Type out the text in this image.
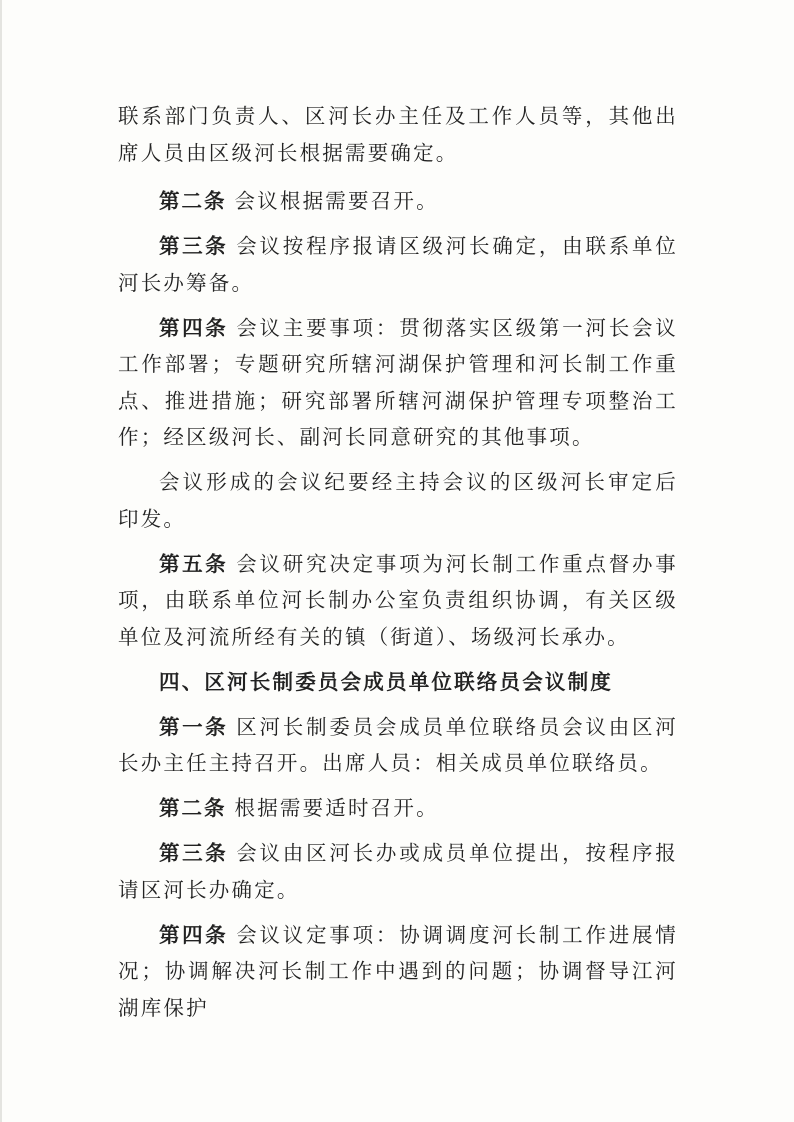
联系部门负责人、区河长办主任及工作人员等，其他出席人员由区级河长根据需要确定。

第二条 会议根据需要召开。

第三条 会议按程序报请区级河长确定，由联系单位河长办筹备。

第四条 会议主要事项：贯彻落实区级第一河长会议工作部署；专题研究所辖河湖保护管理和河长制工作重点、推进措施；研究部署所辖河湖保护管理专项整治工作；经区级河长、副河长同意研究的其他事项。

会议形成的会议纪要经主持会议的区级河长审定后印发。

第五条 会议研究决定事项为河长制工作重点督办事项，由联系单位河长制办公室负责组织协调，有关区级单位及河流所经有关的镇（街道）、场级河长承办。

四、区河长制委员会成员单位联络员会议制度

第一条 区河长制委员会成员单位联络员会议由区河长办主任主持召开。出席人员：相关成员单位联络员。

第二条 根据需要适时召开。

第三条 会议由区河长办或成员单位提出，按程序报请区河长办确定。

第四条 会议议定事项：协调调度河长制工作进展情况；协调解决河长制工作中遇到的问题；协调督导江河湖库保护
